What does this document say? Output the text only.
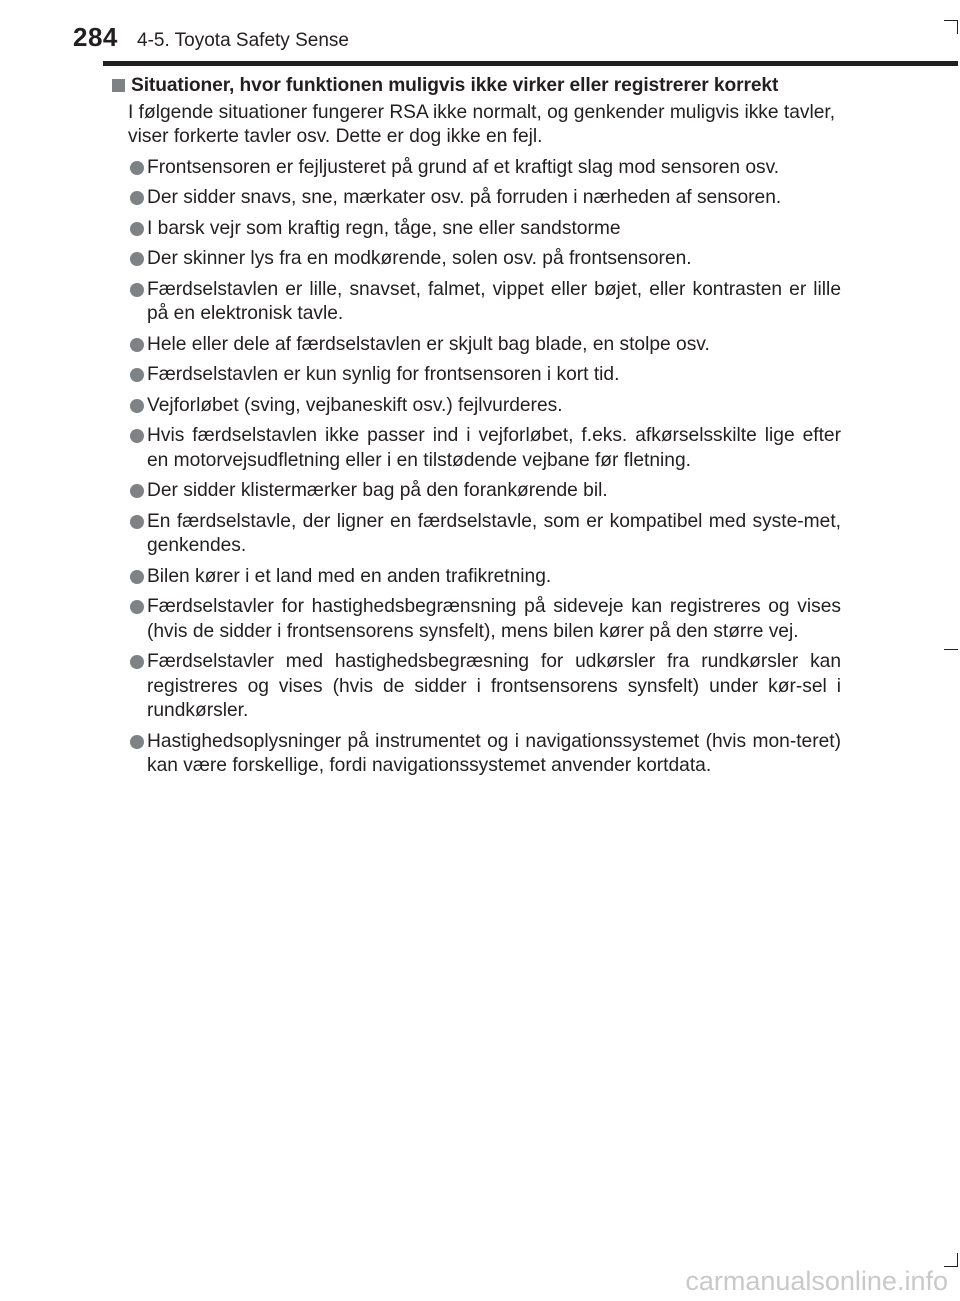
284 4-5. Toyota Safety Sense
Situationer, hvor funktionen muligvis ikke virker eller registrerer korrekt

I følgende situationer fungerer RSA ikke normalt, og genkender muligvis ikke tavler, viser forkerte tavler osv. Dette er dog ikke en fejl.

Frontsensoren er fejljusteret på grund af et kraftigt slag mod sensoren osv.
Der sidder snavs, sne, mærkater osv. på forruden i nærheden af sensoren.
I barsk vejr som kraftig regn, tåge, sne eller sandstorme
Der skinner lys fra en modkørende, solen osv. på frontsensoren.
Færdselstavlen er lille, snavset, falmet, vippet eller bøjet, eller kontrasten er lille på en elektronisk tavle.
Hele eller dele af færdselstavlen er skjult bag blade, en stolpe osv.
Færdselstavlen er kun synlig for frontsensoren i kort tid.
Vejforløbet (sving, vejbaneskift osv.) fejlvurderes.
Hvis færdselstavlen ikke passer ind i vejforløbet, f.eks. afkørselsskilte lige efter en motorvejsudfletning eller i en tilstødende vejbane før fletning.
Der sidder klistermærker bag på den forankørende bil.
En færdselstavle, der ligner en færdselstavle, som er kompatibel med syste-met, genkendes.
Bilen kører i et land med en anden trafikretning.
Færdselstavler for hastighedsbegrænsning på sideveje kan registreres og vises (hvis de sidder i frontsensorens synsfelt), mens bilen kører på den større vej.
Færdselstavler med hastighedsbegræsning for udkørsler fra rundkørsler kan registreres og vises (hvis de sidder i frontsensorens synsfelt) under kør-sel i rundkørsler.
Hastighedsoplysninger på instrumentet og i navigationssystemet (hvis mon-teret) kan være forskellige, fordi navigationssystemet anvender kortdata.
carmanualsonline.info
